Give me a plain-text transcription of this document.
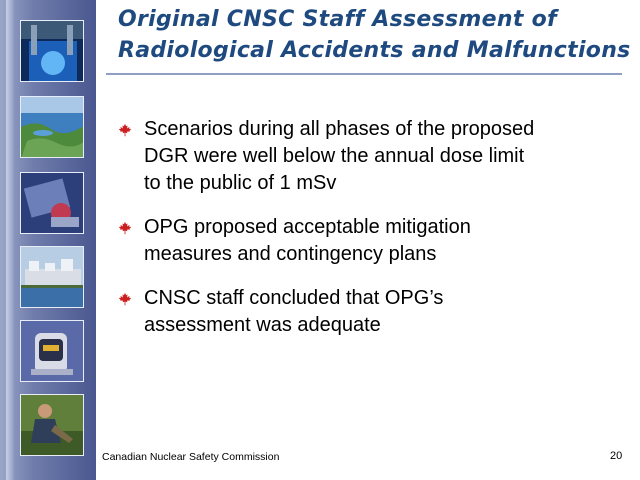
Original CNSC Staff Assessment of
Radiological Accidents and Malfunctions
Scenarios during all phases of the proposed
DGR were well below the annual dose limit
to the public of 1 mSv
OPG proposed acceptable mitigation
measures and contingency plans
CNSC staff concluded that OPG’s
assessment was adequate
Canadian Nuclear Safety Commission	20
